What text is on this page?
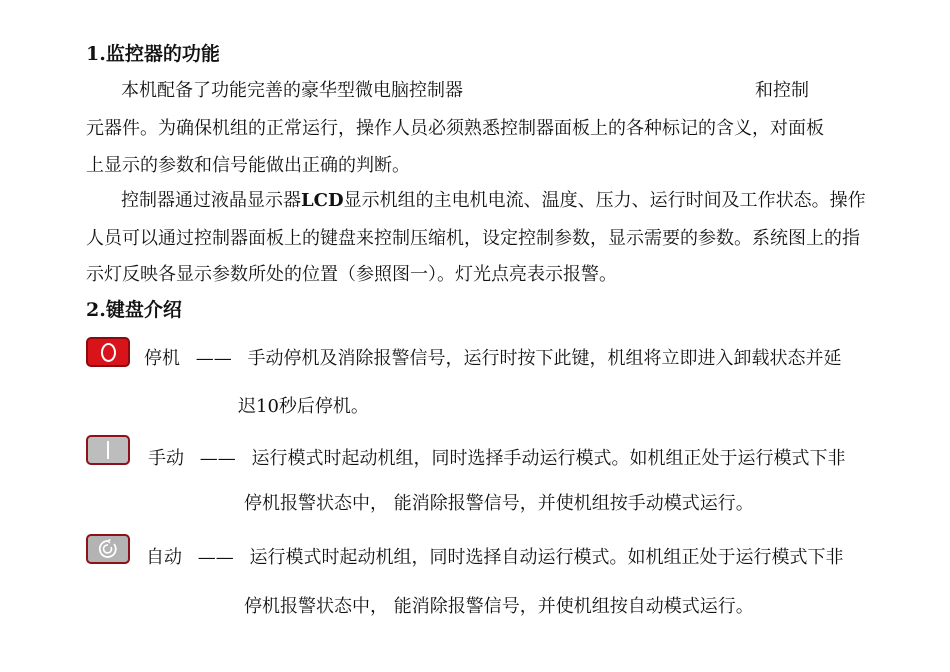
1.监控器的功能
本机配备了功能完善的豪华型微电脑控制器	和控制
元器件。为确保机组的正常运行，操作人员必须熟悉控制器面板上的各种标记的含义，对面板
上显示的参数和信号能做出正确的判断。
控制器通过液晶显示器LCD显示机组的主电机电流、温度、压力、运行时间及工作状态。操作
人员可以通过控制器面板上的键盘来控制压缩机，设定控制参数，显示需要的参数。系统图上的指
示灯反映各显示参数所处的位置（参照图一）。灯光点亮表示报警。
2.键盘介绍
停机 —— 手动停机及消除报警信号，运行时按下此键，机组将立即进入卸载状态并延
迟10秒后停机。
手动 —— 运行模式时起动机组，同时选择手动运行模式。如机组正处于运行模式下非
停机报警状态中， 能消除报警信号，并使机组按手动模式运行。
自动 —— 运行模式时起动机组，同时选择自动运行模式。如机组正处于运行模式下非
停机报警状态中， 能消除报警信号，并使机组按自动模式运行。
